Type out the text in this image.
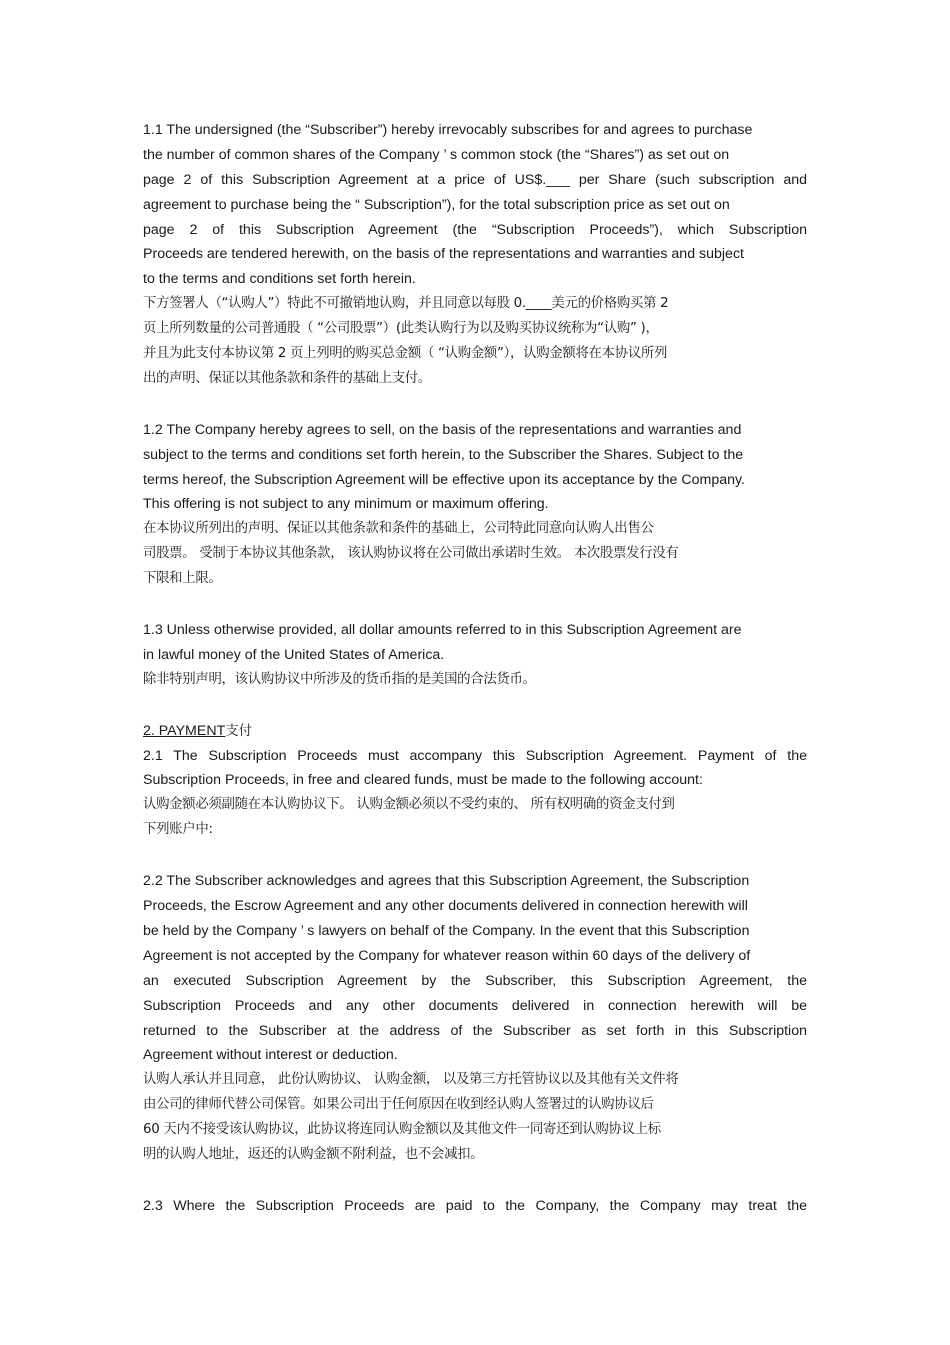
1.1 The undersigned (the “Subscriber”) hereby irrevocably subscribes for and agrees to purchase
the number of common shares of the Company ’ s common stock (the “Shares”) as set out on
page 2 of this Subscription Agreement at a price of US$.___ per Share (such subscription and
agreement to purchase being the “ Subscription”), for the total subscription price as set out on
page 2 of this Subscription Agreement (the “Subscription Proceeds”), which Subscription
Proceeds are tendered herewith, on the basis of the representations and warranties and subject
to the terms and conditions set forth herein.
下方签署人（“认购人”）特此不可撤销地认购，并且同意以每股 0.____美元的价格购买第 2
页上所列数量的公司普通股（ “公司股票”）(此类认购行为以及购买协议统称为“认购” )，
并且为此支付本协议第 2 页上列明的购买总金额（ “认购金额”），认购金额将在本协议所列
出的声明、保证以其他条款和条件的基础上支付。
1.2 The Company hereby agrees to sell, on the basis of the representations and warranties and
subject to the terms and conditions set forth herein, to the Subscriber the Shares. Subject to the
terms hereof, the Subscription Agreement will be effective upon its acceptance by the Company.
This offering is not subject to any minimum or maximum offering.
在本协议所列出的声明、保证以其他条款和条件的基础上，公司特此同意向认购人出售公
司股票。 受制于本协议其他条款， 该认购协议将在公司做出承诺时生效。 本次股票发行没有
下限和上限。
1.3 Unless otherwise provided, all dollar amounts referred to in this Subscription Agreement are
in lawful money of the United States of America.
除非特别声明，该认购协议中所涉及的货币指的是美国的合法货币。
2. PAYMENT支付
2.1 The Subscription Proceeds must accompany this Subscription Agreement. Payment of the
Subscription Proceeds, in free and cleared funds, must be made to the following account:
认购金额必须副随在本认购协议下。 认购金额必须以不受约束的、 所有权明确的资金支付到
下列账户中:
2.2 The Subscriber acknowledges and agrees that this Subscription Agreement, the Subscription
Proceeds, the Escrow Agreement and any other documents delivered in connection herewith will
be held by the Company ’ s lawyers on behalf of the Company. In the event that this Subscription
Agreement is not accepted by the Company for whatever reason within 60 days of the delivery of
an executed Subscription Agreement by the Subscriber, this Subscription Agreement, the
Subscription Proceeds and any other documents delivered in connection herewith will be
returned to the Subscriber at the address of the Subscriber as set forth in this Subscription
Agreement without interest or deduction.
认购人承认并且同意， 此份认购协议、 认购金额， 以及第三方托管协议以及其他有关文件将
由公司的律师代替公司保管。如果公司出于任何原因在收到经认购人签署过的认购协议后
60 天内不接受该认购协议，此协议将连同认购金额以及其他文件一同寄还到认购协议上标
明的认购人地址，返还的认购金额不附利益，也不会减扣。
2.3 Where the Subscription Proceeds are paid to the Company, the Company may treat the
